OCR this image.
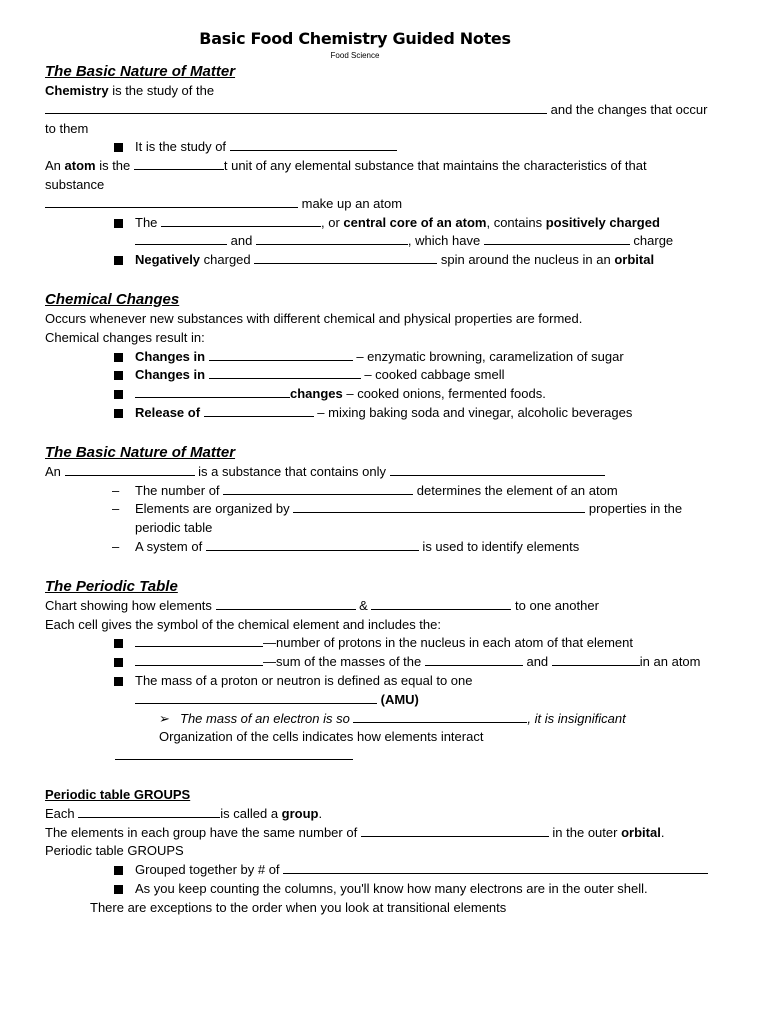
Basic Food Chemistry Guided Notes
Food Science
The Basic Nature of Matter
Chemistry is the study of the
and the changes that occur
to them
It is the study of
An atom is the	t unit of any elemental substance that maintains the characteristics of that
substance
make up an atom
The	, or central core of an atom, contains positively charged
and	, which have	charge
Negatively charged	spin around the nucleus in an orbital
Chemical Changes
Occurs whenever new substances with different chemical and physical properties are formed.
Chemical changes result in:
Changes in	– enzymatic browning, caramelization of sugar
Changes in	– cooked cabbage smell
changes – cooked onions, fermented foods.
Release of	– mixing baking soda and vinegar, alcoholic beverages
The Basic Nature of Matter
An	is a substance that contains only
– The number of	determines the element of an atom
– Elements are organized by	properties in the
periodic table
– A system of	is used to identify elements
The Periodic Table
Chart showing how elements	&	to one another
Each cell gives the symbol of the chemical element and includes the:
—number of protons in the nucleus in each atom of that element
—sum of the masses of the	and	in an atom
The mass of a proton or neutron is defined as equal to one
(AMU)
➢ The mass of an electron is so	, it is insignificant
Organization of the cells indicates how elements interact
Periodic table GROUPS
Each	is called a group.
The elements in each group have the same number of	in the outer orbital.
Periodic table GROUPS
Grouped together by # of
As you keep counting the columns, you'll know how many electrons are in the outer shell.
There are exceptions to the order when you look at transitional elements
